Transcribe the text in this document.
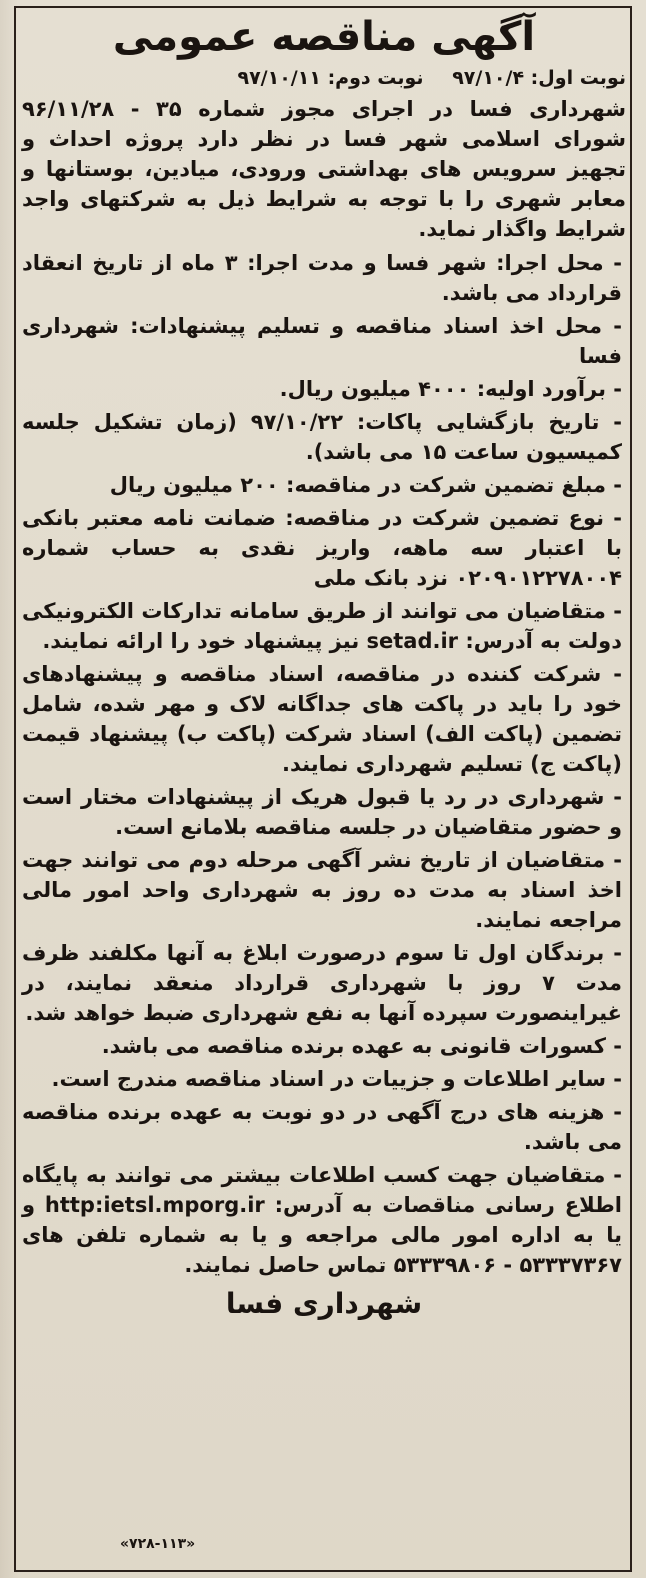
آگهی مناقصه عمومی
نوبت اول: ۹۷/۱۰/۴ نوبت دوم: ۹۷/۱۰/۱۱
شهرداری فسا در اجرای مجوز شماره ۳۵ - ۹۶/۱۱/۲۸ شورای اسلامی شهر فسا در نظر دارد پروژه احداث و تجهیز سرویس های بهداشتی ورودی، میادین، بوستانها و معابر شهری را با توجه به شرایط ذیل به شرکتهای واجد شرایط واگذار نماید.
- محل اجرا: شهر فسا و مدت اجرا: ۳ ماه از تاریخ انعقاد قرارداد می باشد.
- محل اخذ اسناد مناقصه و تسلیم پیشنهادات: شهرداری فسا
- برآورد اولیه: ۴۰۰۰ میلیون ریال.
- تاریخ بازگشایی پاکات: ۹۷/۱۰/۲۲ (زمان تشکیل جلسه کمیسیون ساعت ۱۵ می باشد).
- مبلغ تضمین شرکت در مناقصه: ۲۰۰ میلیون ریال
- نوع تضمین شرکت در مناقصه: ضمانت نامه معتبر بانکی با اعتبار سه ماهه، واریز نقدی به حساب شماره ۰۲۰۹۰۱۲۲۷۸۰۰۴ نزد بانک ملی
- متقاضیان می توانند از طریق سامانه تدارکات الکترونیکی دولت به آدرس: setad.ir نیز پیشنهاد خود را ارائه نمایند.
- شرکت کننده در مناقصه، اسناد مناقصه و پیشنهادهای خود را باید در پاکت های جداگانه لاک و مهر شده، شامل تضمین (پاکت الف) اسناد شرکت (پاکت ب) پیشنهاد قیمت (پاکت ج) تسلیم شهرداری نمایند.
- شهرداری در رد یا قبول هریک از پیشنهادات مختار است و حضور متقاضیان در جلسه مناقصه بلامانع است.
- متقاضیان از تاریخ نشر آگهی مرحله دوم می توانند جهت اخذ اسناد به مدت ده روز به شهرداری واحد امور مالی مراجعه نمایند.
- برندگان اول تا سوم درصورت ابلاغ به آنها مکلفند ظرف مدت ۷ روز با شهرداری قرارداد منعقد نمایند، در غیراینصورت سپرده آنها به نفع شهرداری ضبط خواهد شد.
- کسورات قانونی به عهده برنده مناقصه می باشد.
- سایر اطلاعات و جزییات در اسناد مناقصه مندرج است.
- هزینه های درج آگهی در دو نوبت به عهده برنده مناقصه می باشد.
- متقاضیان جهت کسب اطلاعات بیشتر می توانند به پایگاه اطلاع رسانی مناقصات به آدرس: http:ietsl.mporg.ir و یا به اداره امور مالی مراجعه و یا به شماره تلفن های ۵۳۳۳۷۳۶۷ - ۵۳۳۳۹۸۰۶ تماس حاصل نمایند.
شهرداری فسا
«۷۲۸-۱۱۳»
